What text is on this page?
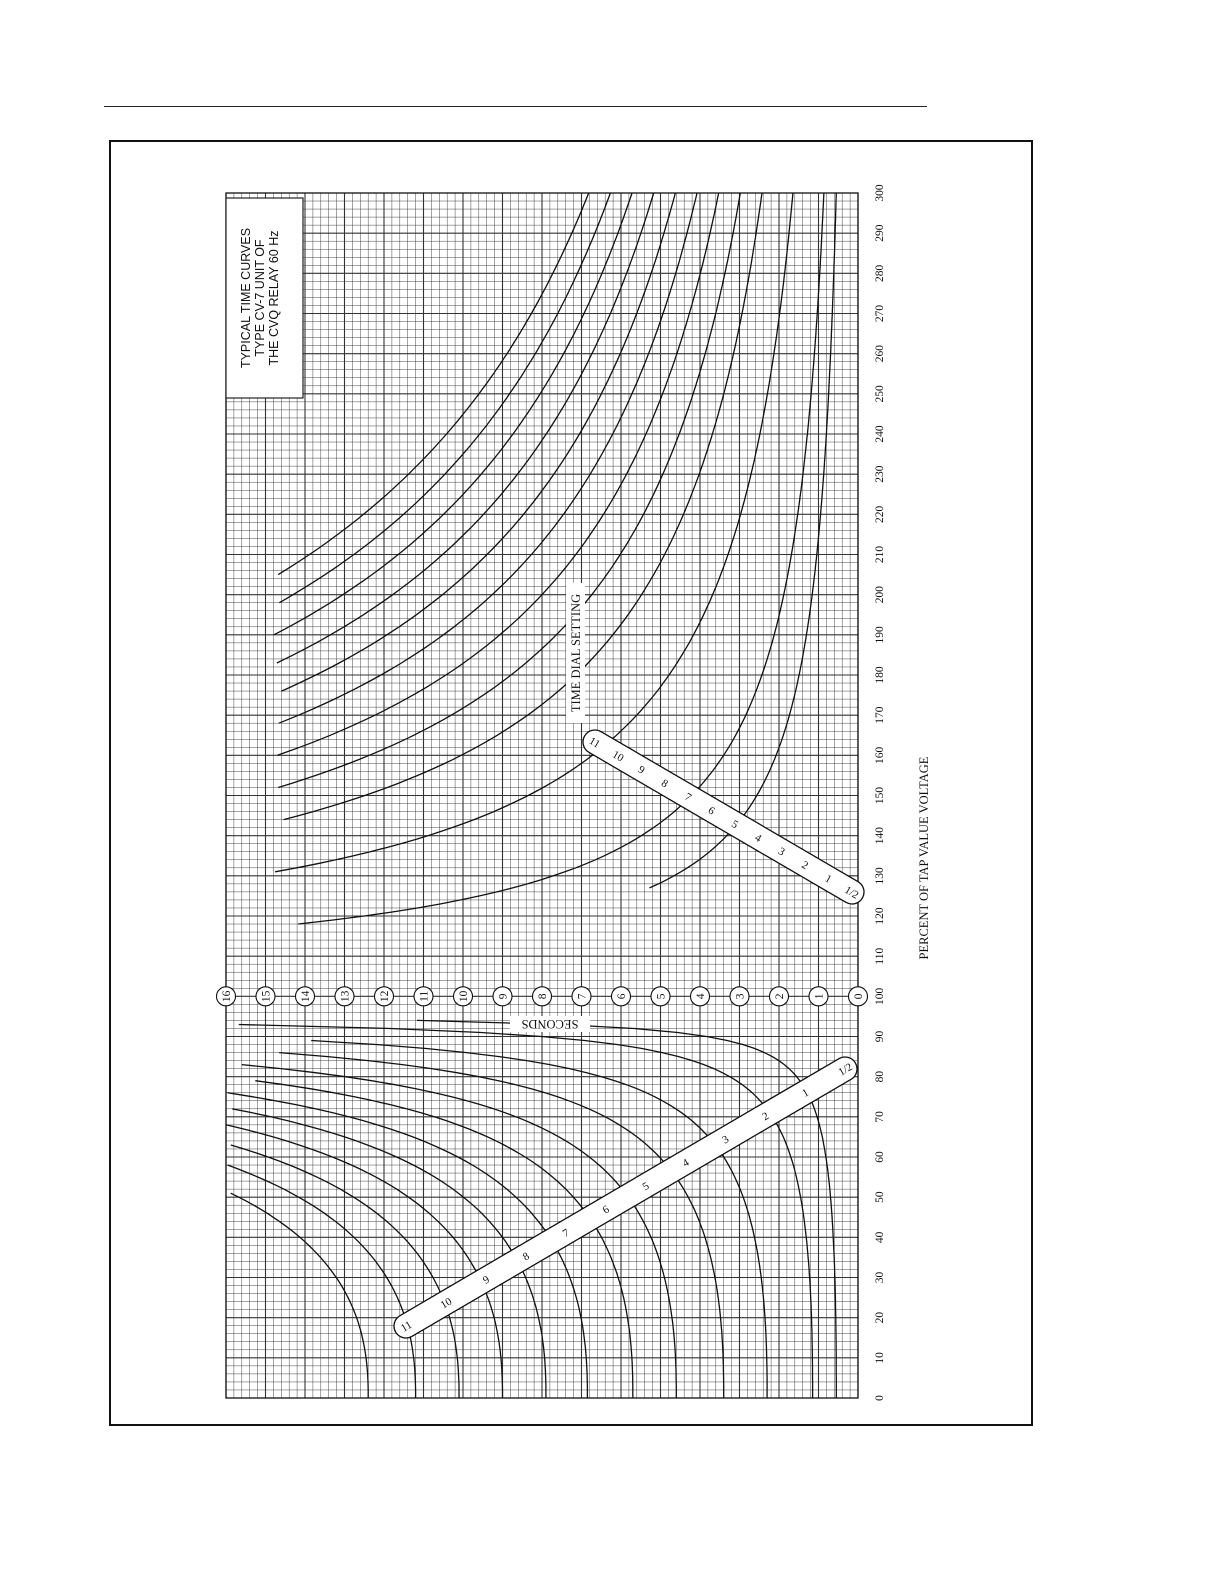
0
1
2
3
4
5
6
7
8
9
10
11
12
13
14
15
16
0
10
20
30
40
50
60
70
80
90
100
110
120
130
140
150
160
170
180
190
200
210
220
230
240
250
260
270
280
290
300
11
10
9
8
7
6
5
4
3
2
1
1/2
11
10
9
8
7
6
5
4
3
2
1
1/2
TYPICAL TIME CURVES TYPE CV-7 UNIT OF THE CVQ RELAY 60 Hz
TIME DIAL SETTING
SECONDS
PERCENT OF TAP VALUE VOLTAGE
